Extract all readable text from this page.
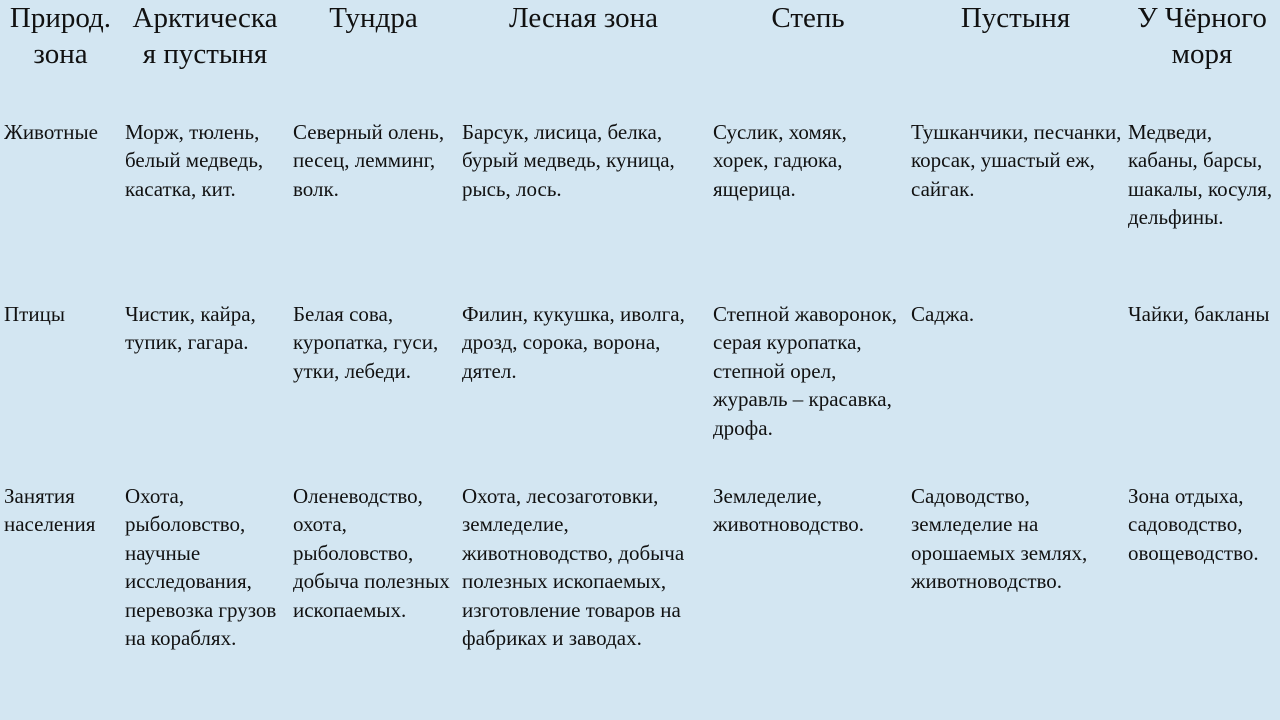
Природ. зона	Арктическа я пустыня	Тундра	Лесная зона	Степь	Пустыня	У Чёрного моря
Животные	Морж, тюлень, белый медведь, касатка, кит.	Северный олень, песец, лемминг, волк.	Барсук, лисица, белка, бурый медведь, куница, рысь, лось.	Суслик, хомяк, хорек, гадюка, ящерица.	Тушканчики, песчанки, корсак, ушастый еж, сайгак.	Медведи, кабаны, барсы, шакалы, косуля, дельфины.
Птицы	Чистик, кайра, тупик, гагара.	Белая сова, куропатка, гуси, утки, лебеди.	Филин, кукушка, иволга, дрозд, сорока, ворона, дятел.	Степной жаворонок, серая куропатка, степной орел, журавль – красавка, дрофа.	Саджа.	Чайки, бакланы
Занятия населения	Охота, рыболовство, научные исследования, перевозка грузов на кораблях.	Оленеводство, охота, рыболовство, добыча полезных ископаемых.	Охота, лесозаготовки, земледелие, животноводство, добыча полезных ископаемых, изготовление товаров на фабриках и заводах.	Земледелие, животноводство.	Садоводство, земледелие на орошаемых землях, животноводство.	Зона отдыха, садоводство, овощеводство.
